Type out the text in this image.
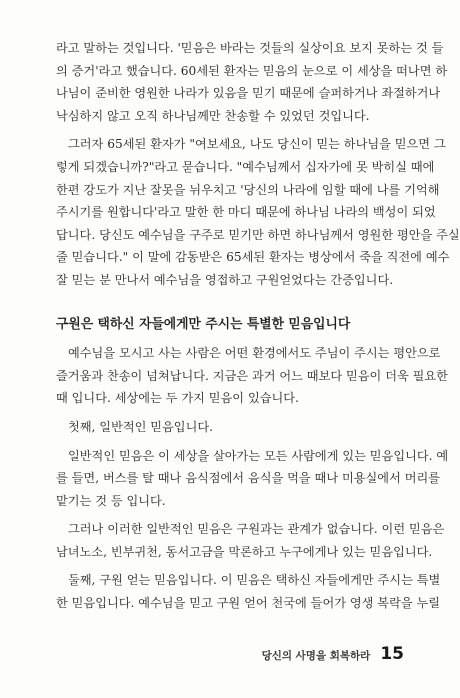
라고 말하는 것입니다. '믿음은 바라는 것들의 실상이요 보지 못하는 것 들
의 증거'라고 했습니다. 60세된 환자는 믿음의 눈으로 이 세상을 떠나면 하
나님이 준비한 영원한 나라가 있음을 믿기 때문에 슬퍼하거나 좌절하거나
낙심하지 않고 오직 하나님께만 찬송할 수 있었던 것입니다.

그러자 65세된 환자가 "여보세요, 나도 당신이 믿는 하나님을 믿으면 그
렇게 되겠습니까?"라고 묻습니다. "예수님께서 십자가에 못 박히실 때에
한편 강도가 지난 잘못을 뉘우치고 '당신의 나라에 임할 때에 나를 기억해
주시기를 원합니다'라고 말한 한 마디 때문에 하나님 나라의 백성이 되었
답니다. 당신도 예수님을 구주로 믿기만 하면 하나님께서 영원한 평안을 주실
줄 믿습니다." 이 말에 감동받은 65세된 환자는 병상에서 죽을 직전에 예수
잘 믿는 분 만나서 예수님을 영접하고 구원얻었다는 간증입니다.

구원은 택하신 자들에게만 주시는 특별한 믿음입니다

예수님을 모시고 사는 사람은 어떤 환경에서도 주님이 주시는 평안으로
즐거움과 찬송이 넘쳐납니다. 지금은 과거 어느 때보다 믿음이 더욱 필요한
때 입니다. 세상에는 두 가지 믿음이 있습니다.

첫째, 일반적인 믿음입니다.

일반적인 믿음은 이 세상을 살아가는 모든 사람에게 있는 믿음입니다. 예
를 들면, 버스를 탈 때나 음식점에서 음식을 먹을 때나 미용실에서 머리를
맡기는 것 등 입니다.

그러나 이러한 일반적인 믿음은 구원과는 관계가 없습니다. 이런 믿음은
남녀노소, 빈부귀천, 동서고금을 막론하고 누구에게나 있는 믿음입니다.

둘째, 구원 얻는 믿음입니다. 이 믿음은 택하신 자들에게만 주시는 특별
한 믿음입니다. 예수님을 믿고 구원 얻어 천국에 들어가 영생 복락을 누릴

당신의 사명을 회복하라 15
